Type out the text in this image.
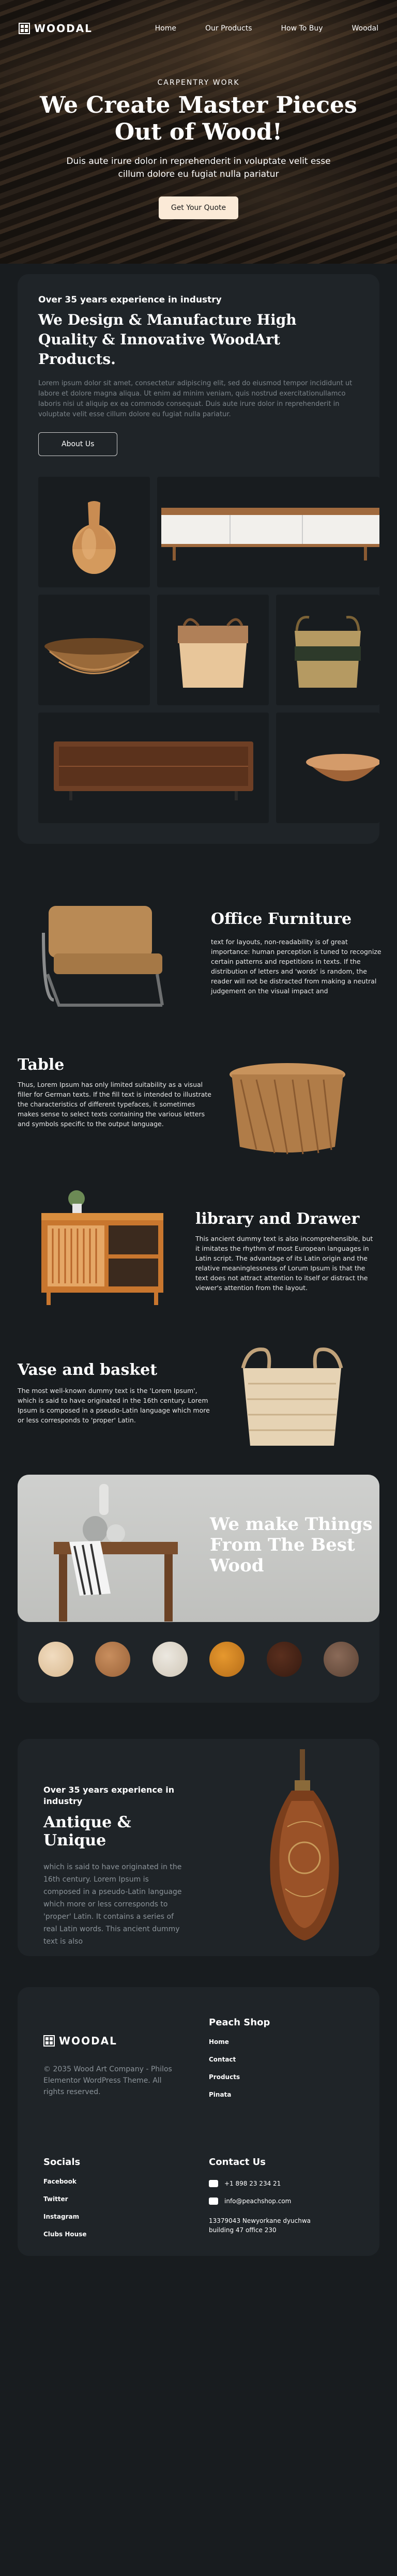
WOODAL	Home	Our Products	How To Buy	Woodal
CARPENTRY WORK
We Create Master Pieces
Out of Wood!

Duis aute irure dolor in reprehenderit in voluptate velit esse cillum dolore eu fugiat nulla pariatur

Get Your Quote
Over 35 years experience in industry
We Design & Manufacture High Quality & Innovative WoodArt Products.

Lorem ipsum dolor sit amet, consectetur adipiscing elit, sed do eiusmod tempor incididunt ut labore et dolore magna aliqua. Ut enim ad minim veniam, quis nostrud exercitationullamco laboris nisi ut aliquip ex ea commodo consequat. Duis aute irure dolor in reprehenderit in voluptate velit esse cillum dolore eu fugiat nulla pariatur.

About Us
Office Furniture

text for layouts, non-readability is of great importance: human perception is tuned to recognize certain patterns and repetitions in texts. If the distribution of letters and 'words' is random, the reader will not be distracted from making a neutral judgement on the visual impact and

Table

Thus, Lorem Ipsum has only limited suitability as a visual filler for German texts. If the fill text is intended to illustrate the characteristics of different typefaces, it sometimes makes sense to select texts containing the various letters and symbols specific to the output language.

library and Drawer

This ancient dummy text is also incomprehensible, but it imitates the rhythm of most European languages in Latin script. The advantage of its Latin origin and the relative meaninglessness of Lorum Ipsum is that the text does not attract attention to itself or distract the viewer's attention from the layout.

Vase and basket

The most well-known dummy text is the 'Lorem Ipsum', which is said to have originated in the 16th century. Lorem Ipsum is composed in a pseudo-Latin language which more or less corresponds to 'proper' Latin.

We make Things
From The Best
Wood
Over 35 years experience in industry
Antique & Unique

which is said to have originated in the 16th century. Lorem Ipsum is composed in a pseudo-Latin language which more or less corresponds to 'proper' Latin. It contains a series of real Latin words. This ancient dummy text is also

WOODAL

© 2035 Wood Art Company - Philos Elementor WordPress Theme. All rights reserved.

Peach Shop
Home
Contact
Products
Pinata
Socials
Facebook
Twitter
Instagram
Clubs House
Contact Us
+1 898 23 234 21
info@peachshop.com

13379043 Newyorkane dyuchwa building 47 office 230
